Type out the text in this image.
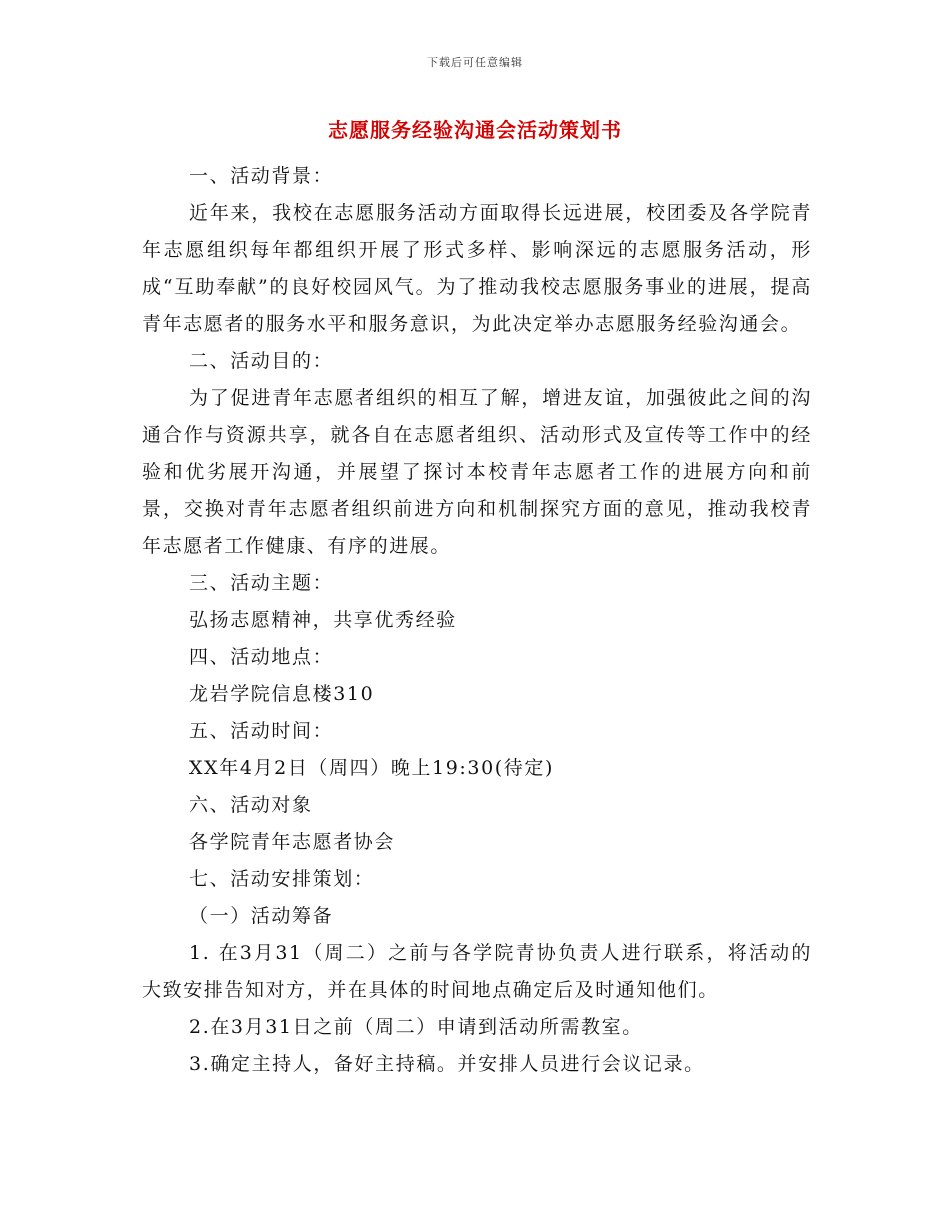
下载后可任意编辑
志愿服务经验沟通会活动策划书

一、活动背景：

近年来，我校在志愿服务活动方面取得长远进展，校团委及各学院青年志愿组织每年都组织开展了形式多样、影响深远的志愿服务活动，形成“互助奉献”的良好校园风气。为了推动我校志愿服务事业的进展，提高青年志愿者的服务水平和服务意识，为此决定举办志愿服务经验沟通会。

二、活动目的：

为了促进青年志愿者组织的相互了解，增进友谊，加强彼此之间的沟通合作与资源共享，就各自在志愿者组织、活动形式及宣传等工作中的经验和优劣展开沟通，并展望了探讨本校青年志愿者工作的进展方向和前景，交换对青年志愿者组织前进方向和机制探究方面的意见，推动我校青年志愿者工作健康、有序的进展。

三、活动主题：

弘扬志愿精神，共享优秀经验

四、活动地点：

龙岩学院信息楼310

五、活动时间：

XX年4月2日（周四）晚上19:30(待定)

六、活动对象

各学院青年志愿者协会

七、活动安排策划：

（一）活动筹备

1. 在3月31（周二）之前与各学院青协负责人进行联系，将活动的大致安排告知对方，并在具体的时间地点确定后及时通知他们。

2.在3月31日之前（周二）申请到活动所需教室。

3.确定主持人，备好主持稿。并安排人员进行会议记录。
